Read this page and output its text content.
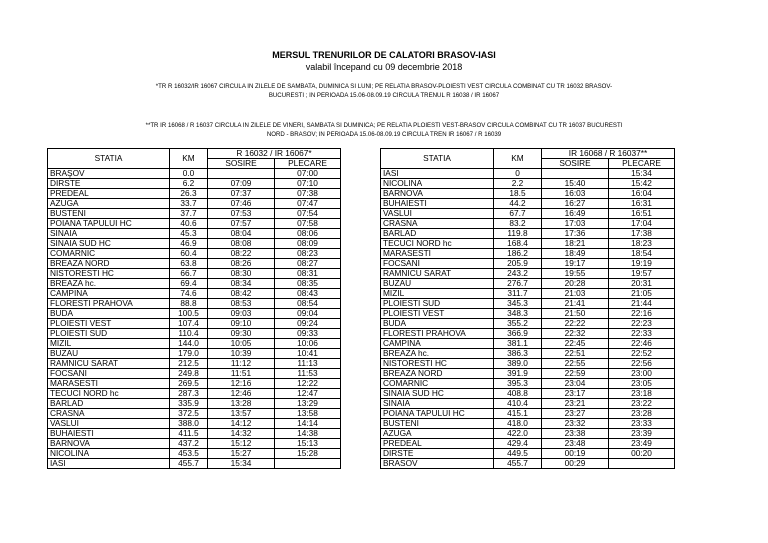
MERSUL TRENURILOR DE CALATORI BRASOV-IASI
valabil începand cu 09 decembrie 2018
*TR R 16032/IR 16067 CIRCULA IN ZILELE DE SAMBATA, DUMINICA SI LUNI; PE RELATIA BRASOV-PLOIESTI VEST CIRCULA COMBINAT CU TR 16032 BRASOV-
BUCURESTI ; IN PERIOADA 15.06-08.09.19 CIRCULA TRENUL R 16038 / IR 16067
**TR IR 16068 / R 16037 CIRCULA IN ZILELE DE VINERI, SAMBATA SI DUMINICA; PE RELATIA PLOIESTI VEST-BRASOV CIRCULA COMBINAT CU TR 16037 BUCURESTI
NORD - BRASOV; IN PERIOADA 15.06-08.09.19 CIRCULA TREN IR 16067 / R 16039
STATIA	KM	R 16032 / IR 16067*	
		SOSIRE	PLECARE
BRAŞOV	0.0		07:00
DIRSTE	6.2	07:09	07:10
PREDEAL	26.3	07:37	07:38
AZUGA	33.7	07:46	07:47
BUSTENI	37.7	07:53	07:54
POIANA TAPULUI HC	40.6	07:57	07:58
SINAIA	45.3	08:04	08:06
SINAIA SUD HC	46.9	08:08	08:09
COMARNIC	60.4	08:22	08:23
BREAZA NORD	63.8	08:26	08:27
NISTORESTI HC	66.7	08:30	08:31
BREAZA hc.	69.4	08:34	08:35
CAMPINA	74.6	08:42	08:43
FLORESTI PRAHOVA	88.8	08:53	08:54
BUDA	100.5	09:03	09:04
PLOIESTI VEST	107.4	09:10	09:24
PLOIESTI SUD	110.4	09:30	09:33
MIZIL	144.0	10:05	10:06
BUZAU	179.0	10:39	10:41
RAMNICU SARAT	212.5	11:12	11:13
FOCSANI	249.8	11:51	11:53
MARASESTI	269.5	12:16	12:22
TECUCI NORD hc	287.3	12:46	12:47
BARLAD	335.9	13:28	13:29
CRASNA	372.5	13:57	13:58
VASLUI	388.0	14:12	14:14
BUHAIESTI	411.5	14:32	14:38
BARNOVA	437.2	15:12	15:13
NICOLINA	453.5	15:27	15:28
IASI	455.7	15:34	
STATIA	KM	IR 16068 / R 16037**	
		SOSIRE	PLECARE
IASI	0		15:34
NICOLINA	2.2	15:40	15:42
BARNOVA	18.5	16:03	16:04
BUHAIESTI	44.2	16:27	16:31
VASLUI	67.7	16:49	16:51
CRASNA	83.2	17:03	17:04
BARLAD	119.8	17:36	17:38
TECUCI NORD hc	168.4	18:21	18:23
MARASESTI	186.2	18:49	18:54
FOCSANI	205.9	19:17	19:19
RAMNICU SARAT	243.2	19:55	19:57
BUZAU	276.7	20:28	20:31
MIZIL	311.7	21:03	21:05
PLOIESTI SUD	345.3	21:41	21:44
PLOIESTI VEST	348.3	21:50	22:16
BUDA	355.2	22:22	22:23
FLORESTI PRAHOVA	366.9	22:32	22:33
CAMPINA	381.1	22:45	22:46
BREAZA hc.	386.3	22:51	22:52
NISTORESTI HC	389.0	22:55	22:56
BREAZA NORD	391.9	22:59	23:00
COMARNIC	395.3	23:04	23:05
SINAIA SUD HC	408.8	23:17	23:18
SINAIA	410.4	23:21	23:22
POIANA TAPULUI HC	415.1	23:27	23:28
BUSTENI	418.0	23:32	23:33
AZUGA	422.0	23:38	23:39
PREDEAL	429.4	23:48	23:49
DIRSTE	449.5	00:19	00:20
BRASOV	455.7	00:29	
